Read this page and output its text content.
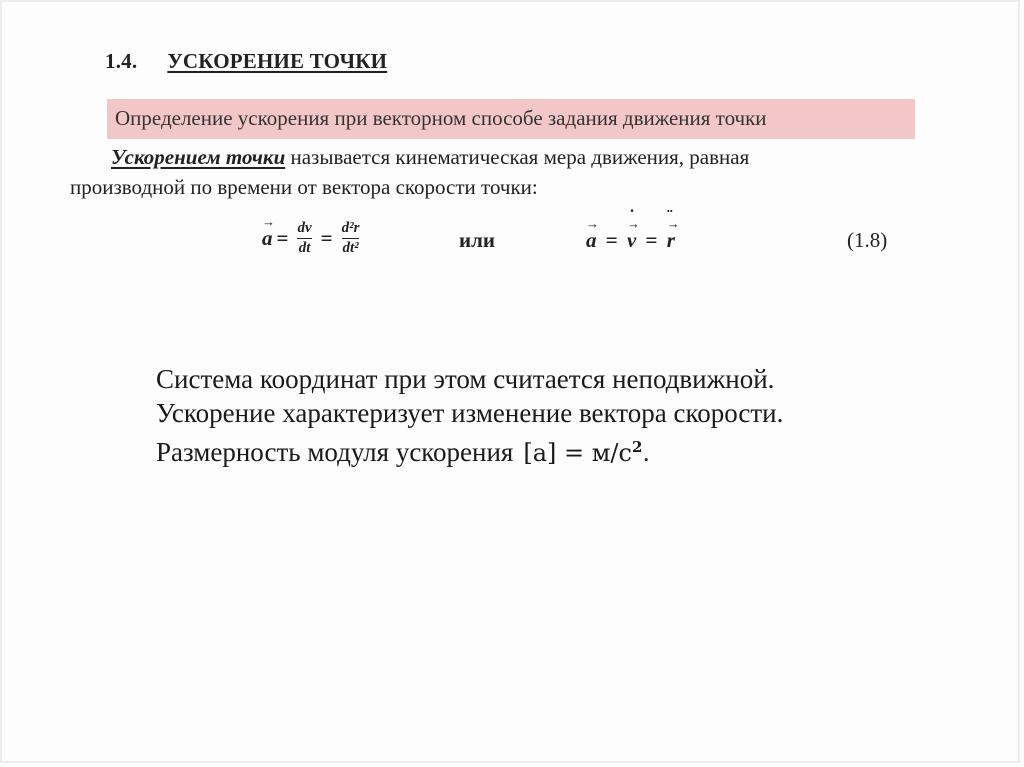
1.4. УСКОРЕНИЕ ТОЧКИ
Определение ускорения при векторном способе задания движения точки
Ускорением точки называется кинематическая мера движения, равная
производной по времени от вектора скорости точки:
→ $a = \frac{dv}{dt} = \frac{\text{d²r}}{\text{dt²}}$	или
→	a = → v ˙ = → r ¨	(1.8)
Система координат при этом считается неподвижной.
Ускорение характеризует изменение вектора скорости.
Размерность модуля ускорения $[a] = м/с^2$.
